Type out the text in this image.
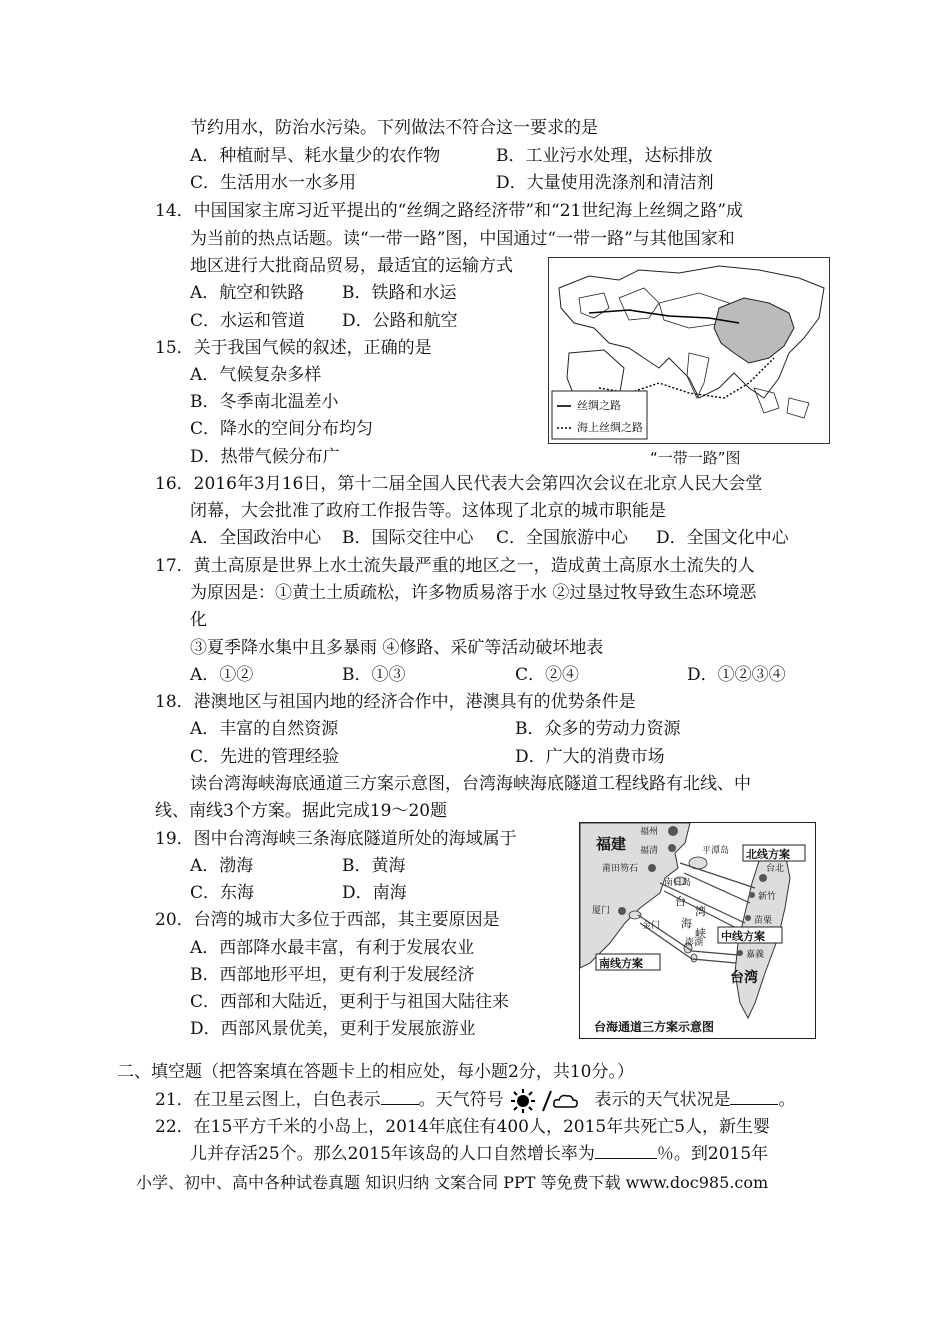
节约用水，防治水污染。下列做法不符合这一要求的是
A．种植耐旱、耗水量少的农作物	B．工业污水处理，达标排放
C．生活用水一水多用	D．大量使用洗涤剂和清洁剂
14．中国国家主席习近平提出的“丝绸之路经济带”和“21世纪海上丝绸之路”成
为当前的热点话题。读“一带一路”图，中国通过“一带一路”与其他国家和
地区进行大批商品贸易，最适宜的运输方式
A．航空和铁路 B．铁路和水运
C．水运和管道 D．公路和航空
15．关于我国气候的叙述，正确的是
A．气候复杂多样
B．冬季南北温差小
C．降水的空间分布均匀
D．热带气候分布广
丝绸之路
海上丝绸之路
“一带一路”图
16．2016年3月16日，第十二届全国人民代表大会第四次会议在北京人民大会堂
闭幕，大会批准了政府工作报告等。这体现了北京的城市职能是
A．全国政治中心 B．国际交往中心 C．全国旅游中心 D．全国文化中心
17．黄土高原是世界上水土流失最严重的地区之一，造成黄土高原水土流失的人
为原因是：①黄土土质疏松，许多物质易溶于水 ②过垦过牧导致生态环境恶
化
③夏季降水集中且多暴雨 ④修路、采矿等活动破坏地表
A．①②	B．①③	C．②④	D．①②③④
18．港澳地区与祖国内地的经济合作中，港澳具有的优势条件是
A．丰富的自然资源	B．众多的劳动力资源
C．先进的管理经验	D．广大的消费市场
读台湾海峡海底通道三方案示意图，台湾海峡海底隧道工程线路有北线、中
线、南线3个方案。据此完成19～20题
19．图中台湾海峡三条海底隧道所处的海域属于
A．渤海	B．黄海
C．东海	D．南海
20．台湾的城市大多位于西部，其主要原因是
A．西部降水最丰富，有利于发展农业
B．西部地形平坦，更有利于发展经济
C．西部和大陆近，更利于与祖国大陆往来
D．西部风景优美，更利于发展旅游业
福建
福州
福清	平潭岛
莆田笏石
南日岛
厦门
金门
澎湖
台
湾
海
峡
台北
新竹
苗栗
嘉義
台湾
北线方案
中线方案
南线方案
台海通道三方案示意图
二、填空题（把答案填在答题卡上的相应处，每小题2分，共10分。）
21．在卫星云图上，白色表示 。天气符号	表示的天气状况是	。
22．在15平方千米的小岛上，2014年底住有400人，2015年共死亡5人，新生婴
儿并存活25个。那么2015年该岛的人口自然增长率为	％。到2015年
小学、初中、高中各种试卷真题 知识归纳 文案合同 PPT 等免费下载 www.doc985.com
